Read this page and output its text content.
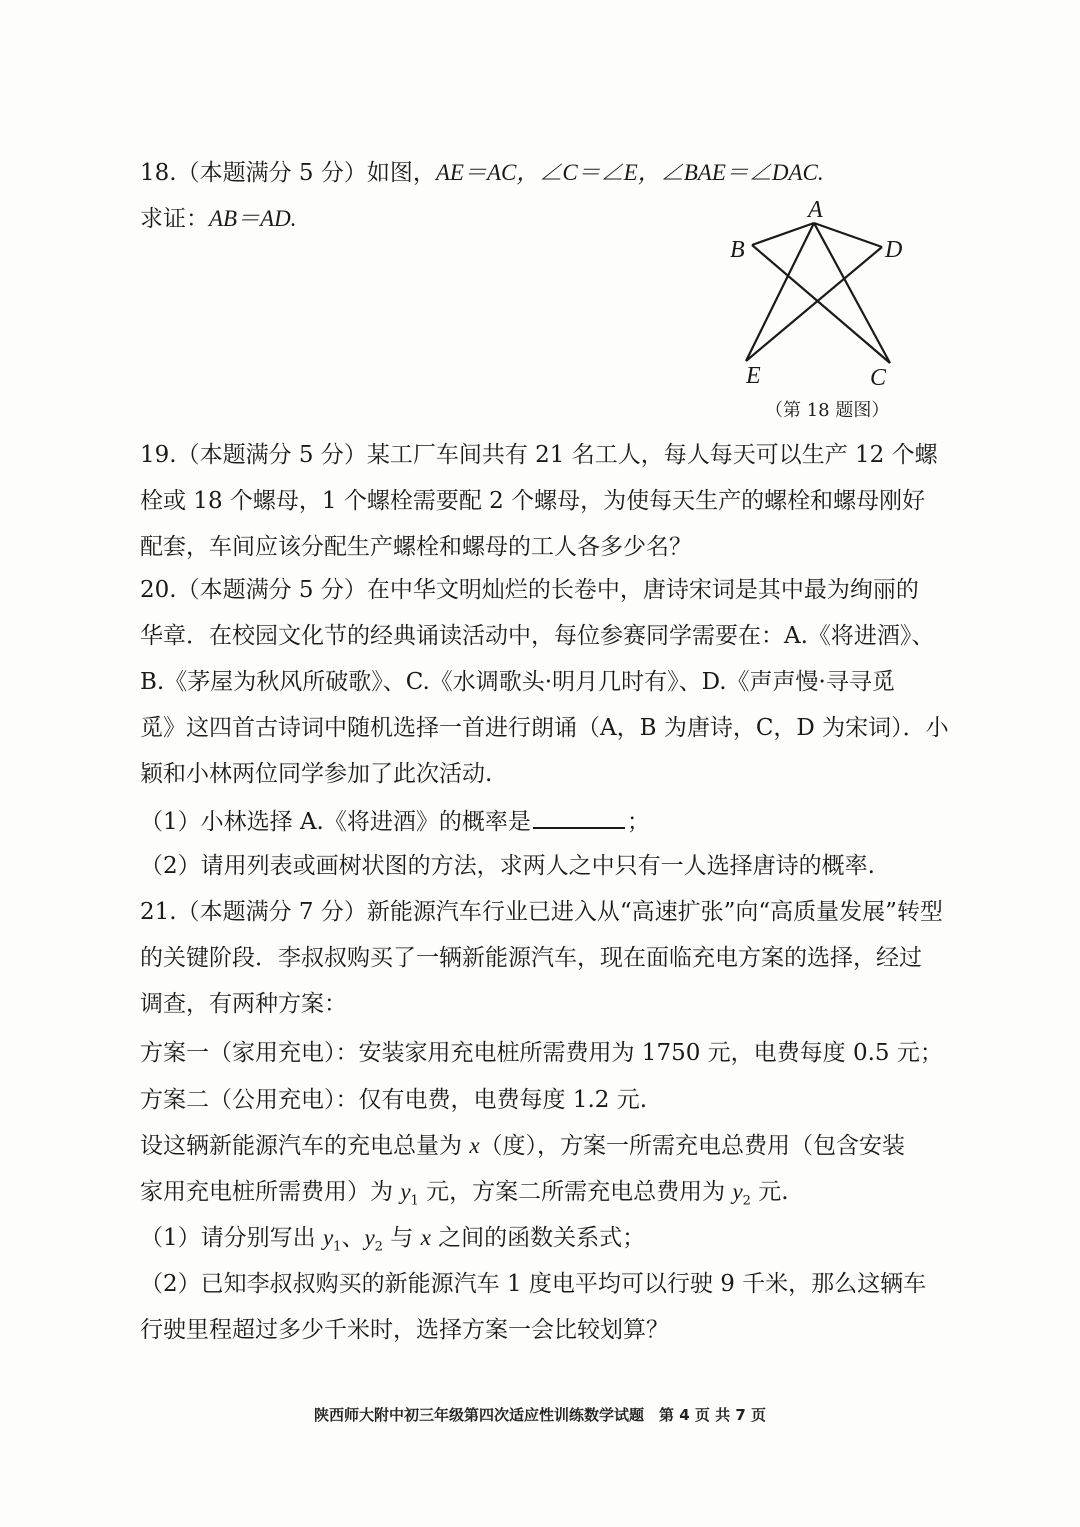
18.（本题满分 5 分）如图，AE＝AC，∠C＝∠E，∠BAE＝∠DAC.
求证：AB＝AD.	A
B	D
E	C
（第 18 题图）
19.（本题满分 5 分）某工厂车间共有 21 名工人，每人每天可以生产 12 个螺
栓或 18 个螺母，1 个螺栓需要配 2 个螺母，为使每天生产的螺栓和螺母刚好
配套，车间应该分配生产螺栓和螺母的工人各多少名？
20.（本题满分 5 分）在中华文明灿烂的长卷中，唐诗宋词是其中最为绚丽的
华章．在校园文化节的经典诵读活动中，每位参赛同学需要在：A.《将进酒》、
B.《茅屋为秋风所破歌》、C.《水调歌头·明月几时有》、D.《声声慢·寻寻觅
觅》这四首古诗词中随机选择一首进行朗诵（A，B 为唐诗，C，D 为宋词）．小
颖和小林两位同学参加了此次活动.
（1）小林选择 A.《将进酒》的概率是	；
（2）请用列表或画树状图的方法，求两人之中只有一人选择唐诗的概率.
21.（本题满分 7 分）新能源汽车行业已进入从“高速扩张”向“高质量发展”转型
的关键阶段．李叔叔购买了一辆新能源汽车，现在面临充电方案的选择，经过
调查，有两种方案：
方案一（家用充电）：安装家用充电桩所需费用为 1750 元，电费每度 0.5 元；
方案二（公用充电）：仅有电费，电费每度 1.2 元.
设这辆新能源汽车的充电总量为 x（度），方案一所需充电总费用（包含安装
家用充电桩所需费用）为 $y_1$ 元，方案二所需充电总费用为 $y_2$ 元.
（1）请分别写出 $y_1$、$y_2$ 与 x 之间的函数关系式；
（2）已知李叔叔购买的新能源汽车 1 度电平均可以行驶 9 千米，那么这辆车
行驶里程超过多少千米时，选择方案一会比较划算？
陕西师大附中初三年级第四次适应性训练数学试题　第 4 页 共 7 页
